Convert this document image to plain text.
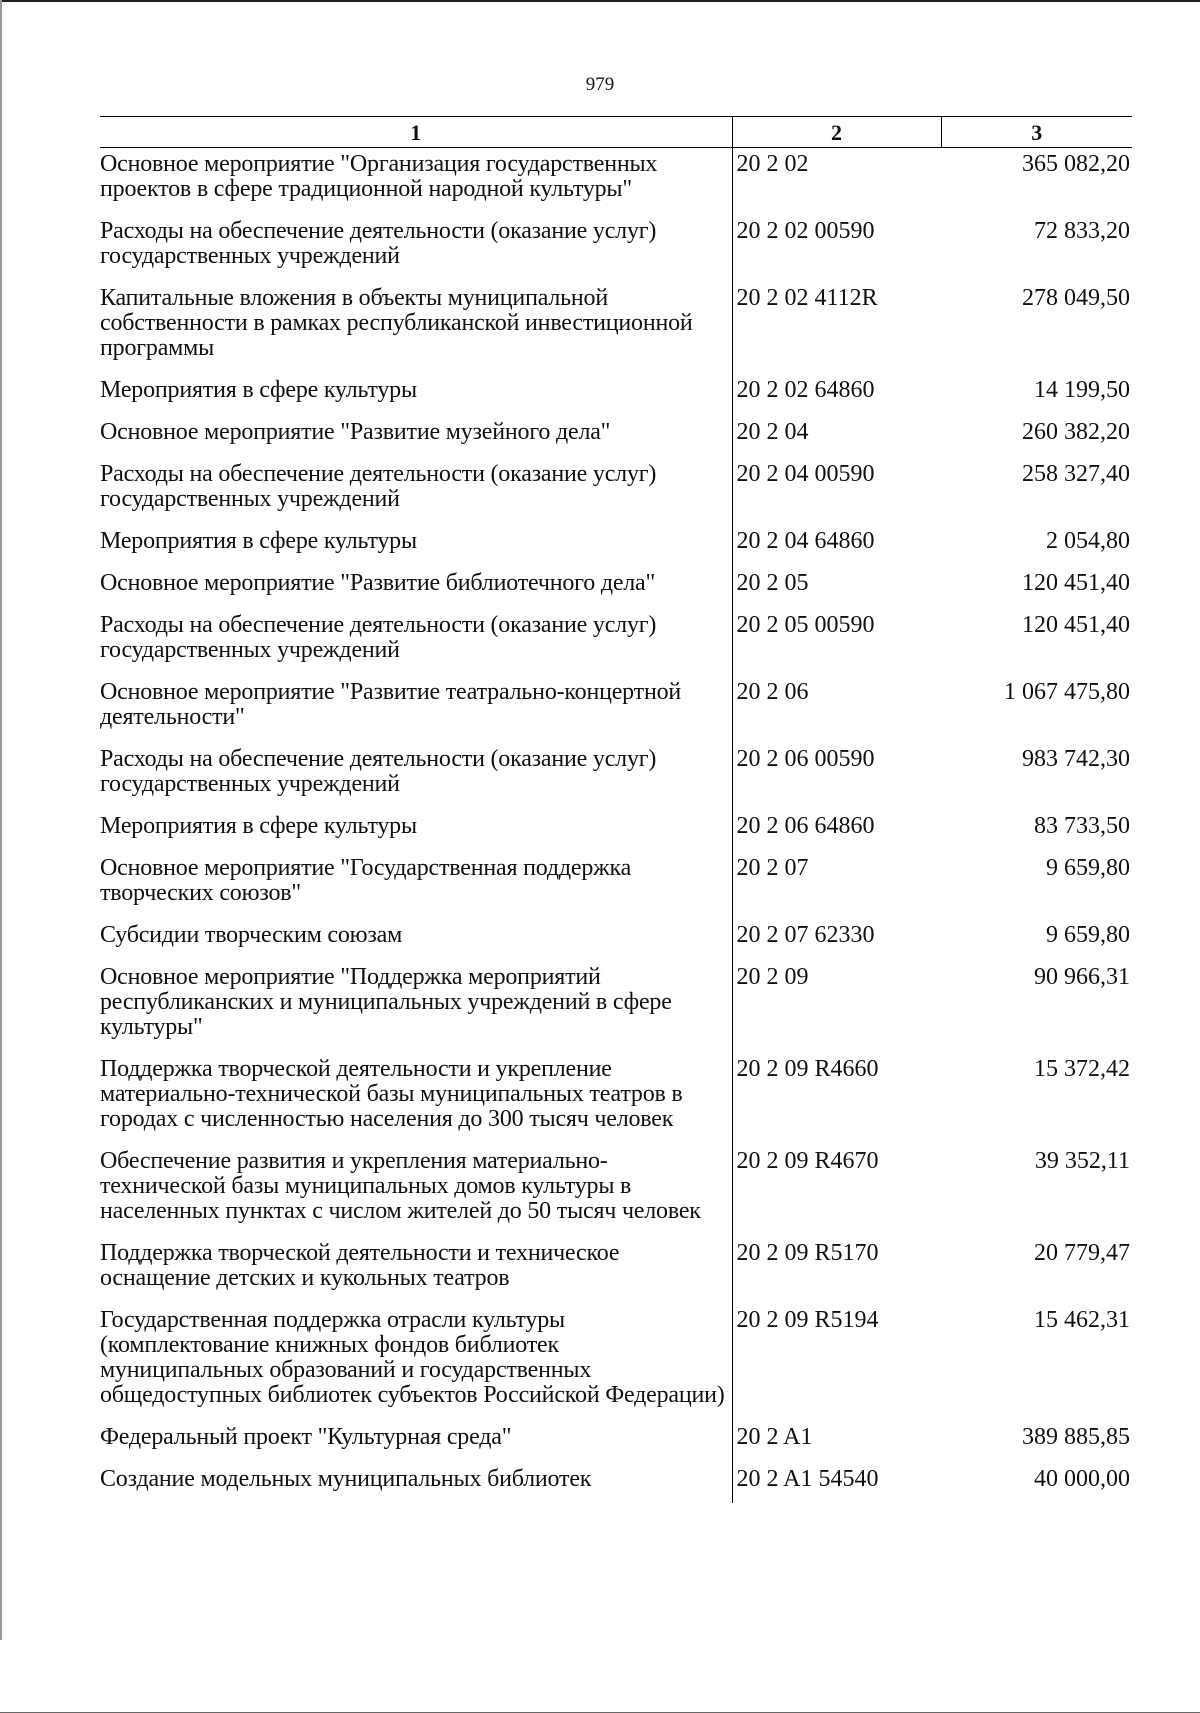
979
1	2	3
Основное мероприятие "Организация государственных проектов в сфере традиционной народной культуры"	20 2 02	365 082,20
Расходы на обеспечение деятельности (оказание услуг) государственных учреждений	20 2 02 00590	72 833,20
Капитальные вложения в объекты муниципальной собственности в рамках республиканской инвестиционной программы	20 2 02 4112R	278 049,50
Мероприятия в сфере культуры	20 2 02 64860	14 199,50
Основное мероприятие "Развитие музейного дела"	20 2 04	260 382,20
Расходы на обеспечение деятельности (оказание услуг) государственных учреждений	20 2 04 00590	258 327,40
Мероприятия в сфере культуры	20 2 04 64860	2 054,80
Основное мероприятие "Развитие библиотечного дела"	20 2 05	120 451,40
Расходы на обеспечение деятельности (оказание услуг) государственных учреждений	20 2 05 00590	120 451,40
Основное мероприятие "Развитие театрально-концертной деятельности"	20 2 06	1 067 475,80
Расходы на обеспечение деятельности (оказание услуг) государственных учреждений	20 2 06 00590	983 742,30
Мероприятия в сфере культуры	20 2 06 64860	83 733,50
Основное мероприятие "Государственная поддержка творческих союзов"	20 2 07	9 659,80
Субсидии творческим союзам	20 2 07 62330	9 659,80
Основное мероприятие "Поддержка мероприятий республиканских и муниципальных учреждений в сфере культуры"	20 2 09	90 966,31
Поддержка творческой деятельности и укрепление материально-технической базы муниципальных театров в городах с численностью населения до 300 тысяч человек	20 2 09 R4660	15 372,42
Обеспечение развития и укрепления материально-технической базы муниципальных домов культуры в населенных пунктах с числом жителей до 50 тысяч человек	20 2 09 R4670	39 352,11
Поддержка творческой деятельности и техническое оснащение детских и кукольных театров	20 2 09 R5170	20 779,47
Государственная поддержка отрасли культуры (комплектование книжных фондов библиотек муниципальных образований и государственных общедоступных библиотек субъектов Российской Федерации)	20 2 09 R5194	15 462,31
Федеральный проект "Культурная среда"	20 2 A1	389 885,85
Создание модельных муниципальных библиотек	20 2 A1 54540	40 000,00
